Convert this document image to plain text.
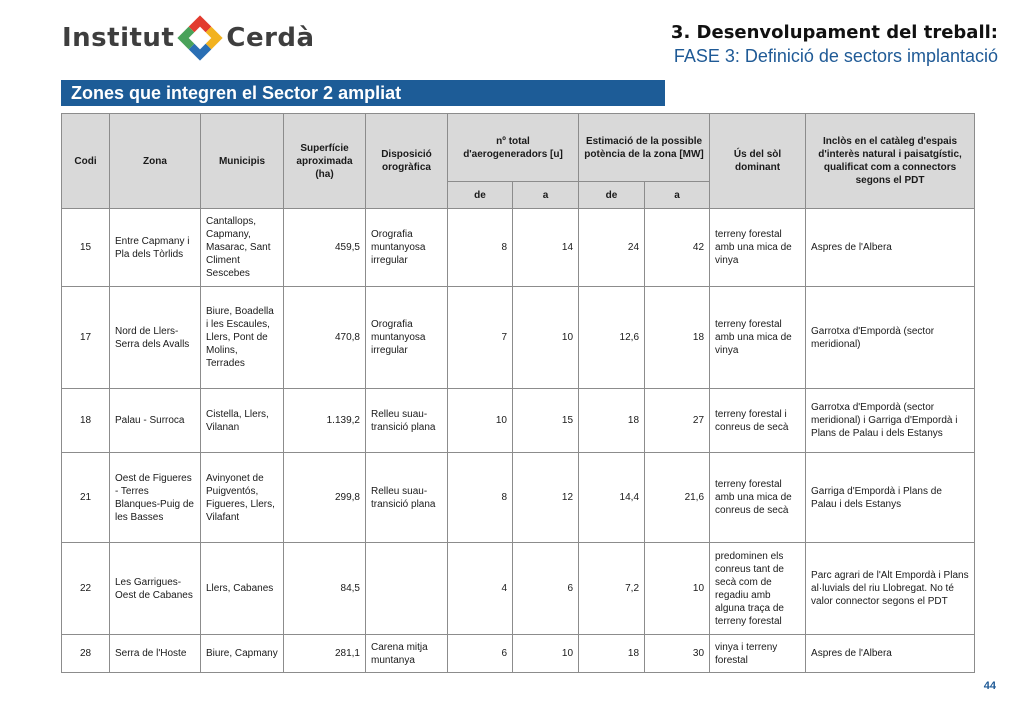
Institut Cerdà	3. Desenvolupament del treball:
FASE 3: Definició de sectors implantació
Zones que integren el Sector 2 ampliat
Codi	Zona	Municipis	Superfície aproximada (ha)	Disposició orogràfica	nº total d'aerogeneradors [u]		Estimació de la possible potència de la zona [MW]		Ús del sòl dominant	Inclòs en el catàleg d'espais d'interès natural i paisatgístic, qualificat com a connectors segons el PDT
					de	a	de	a		
15	Entre Capmany i Pla dels Tòrlids	Cantallops, Capmany, Masarac, Sant Climent Sescebes	459,5	Orografia muntanyosa irregular	8	14	24	42	terreny forestal amb una mica de vinya	Aspres de l'Albera
17	Nord de Llers-Serra dels Avalls	Biure, Boadella i les Escaules, Llers, Pont de Molins, Terrades	470,8	Orografia muntanyosa irregular	7	10	12,6	18	terreny forestal amb una mica de vinya	Garrotxa d'Empordà (sector meridional)
18	Palau - Surroca	Cistella, Llers, Vilanan	1.139,2	Relleu suau-transició plana	10	15	18	27	terreny forestal i conreus de secà	Garrotxa d'Empordà (sector meridional) i Garriga d'Empordà i Plans de Palau i dels Estanys
21	Oest de Figueres - Terres Blanques-Puig de les Basses	Avinyonet de Puigventós, Figueres, Llers, Vilafant	299,8	Relleu suau-transició plana	8	12	14,4	21,6	terreny forestal amb una mica de conreus de secà	Garriga d'Empordà i Plans de Palau i dels Estanys
22	Les Garrigues-Oest de Cabanes	Llers, Cabanes	84,5		4	6	7,2	10	predominen els conreus tant de secà com de regadiu amb alguna traça de terreny forestal	Parc agrari de l'Alt Empordà i Plans al·luvials del riu Llobregat. No té valor connector segons el PDT
28	Serra de l'Hoste	Biure, Capmany	281,1	Carena mitja muntanya	6	10	18	30	vinya i terreny forestal	Aspres de l'Albera
44
